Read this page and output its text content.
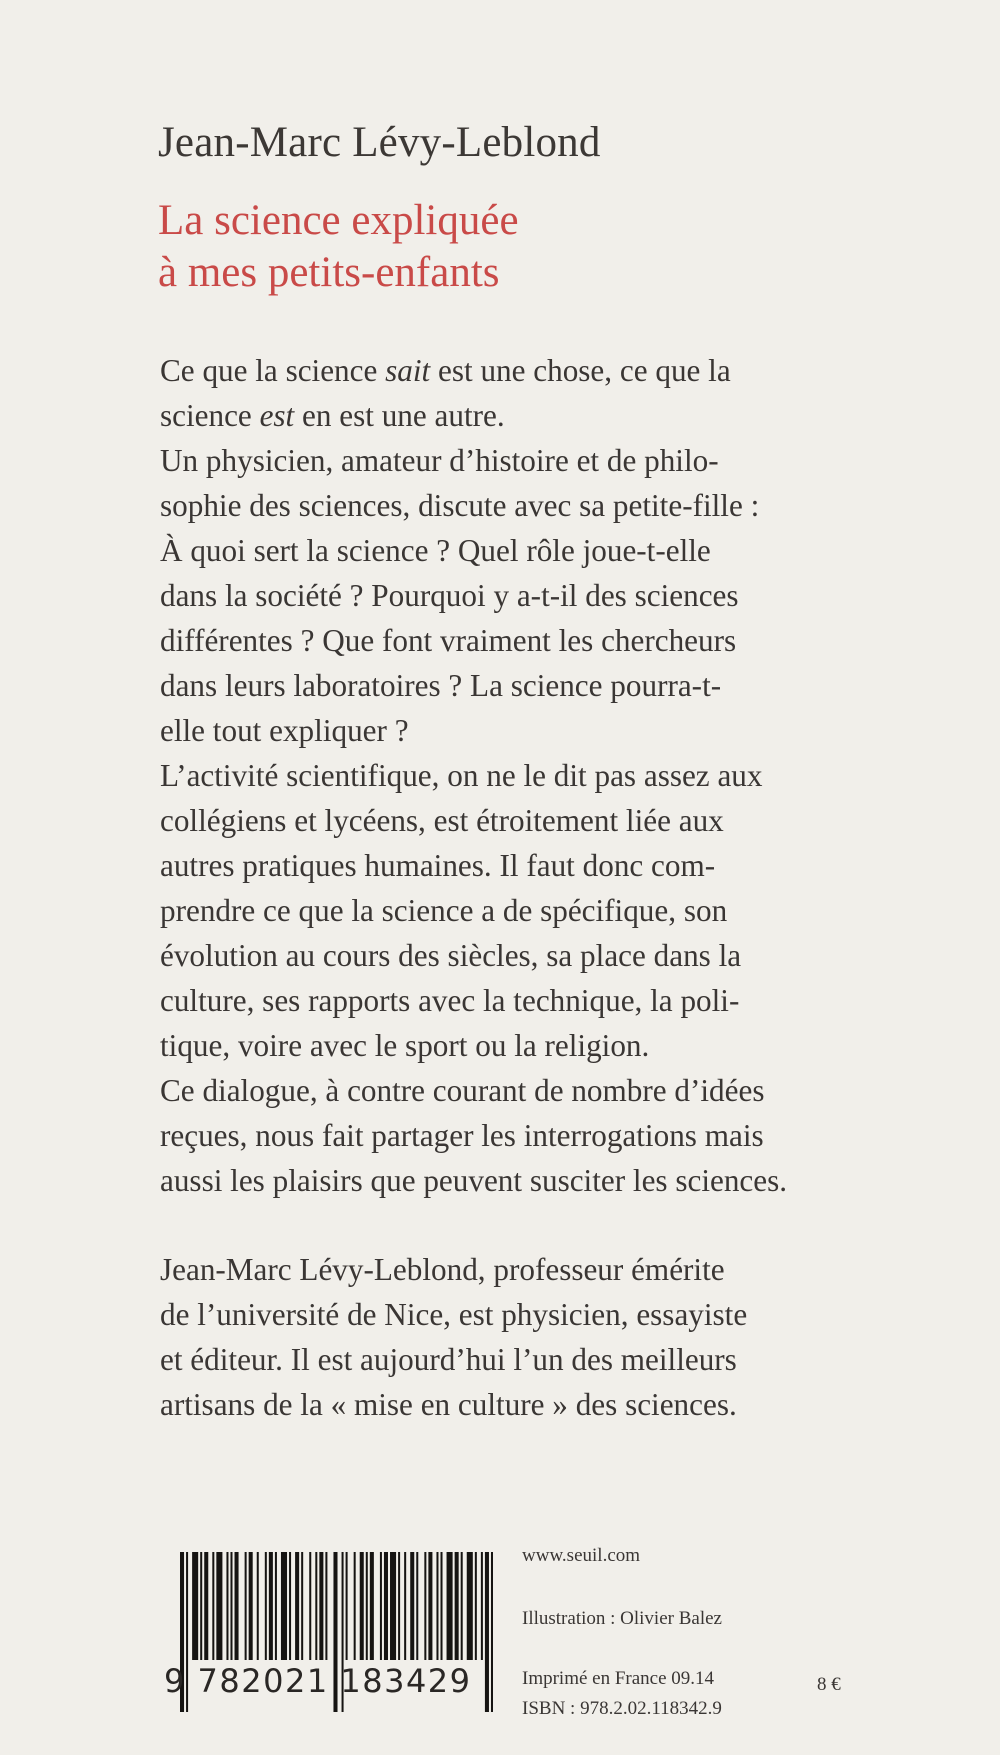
Jean-Marc Lévy-Leblond
La science expliquée
à mes petits-enfants
Ce que la science sait est une chose, ce que la
science est en est une autre.
Un physicien, amateur d’histoire et de philo-
sophie des sciences, discute avec sa petite-fille :
À quoi sert la science ? Quel rôle joue-t-elle
dans la société ? Pourquoi y a-t-il des sciences
différentes ? Que font vraiment les chercheurs
dans leurs laboratoires ? La science pourra-t-
elle tout expliquer ?
L’activité scientifique, on ne le dit pas assez aux
collégiens et lycéens, est étroitement liée aux
autres pratiques humaines. Il faut donc com-
prendre ce que la science a de spécifique, son
évolution au cours des siècles, sa place dans la
culture, ses rapports avec la technique, la poli-
tique, voire avec le sport ou la religion.
Ce dialogue, à contre courant de nombre d’idées
reçues, nous fait partager les interrogations mais
aussi les plaisirs que peuvent susciter les sciences.
Jean-Marc Lévy-Leblond, professeur émérite
de l’université de Nice, est physicien, essayiste
et éditeur. Il est aujourd’hui l’un des meilleurs
artisans de la « mise en culture » des sciences.
9 782021 183429
www.seuil.com
Illustration : Olivier Balez
Imprimé en France 09.14
ISBN : 978.2.02.118342.9
8 €
